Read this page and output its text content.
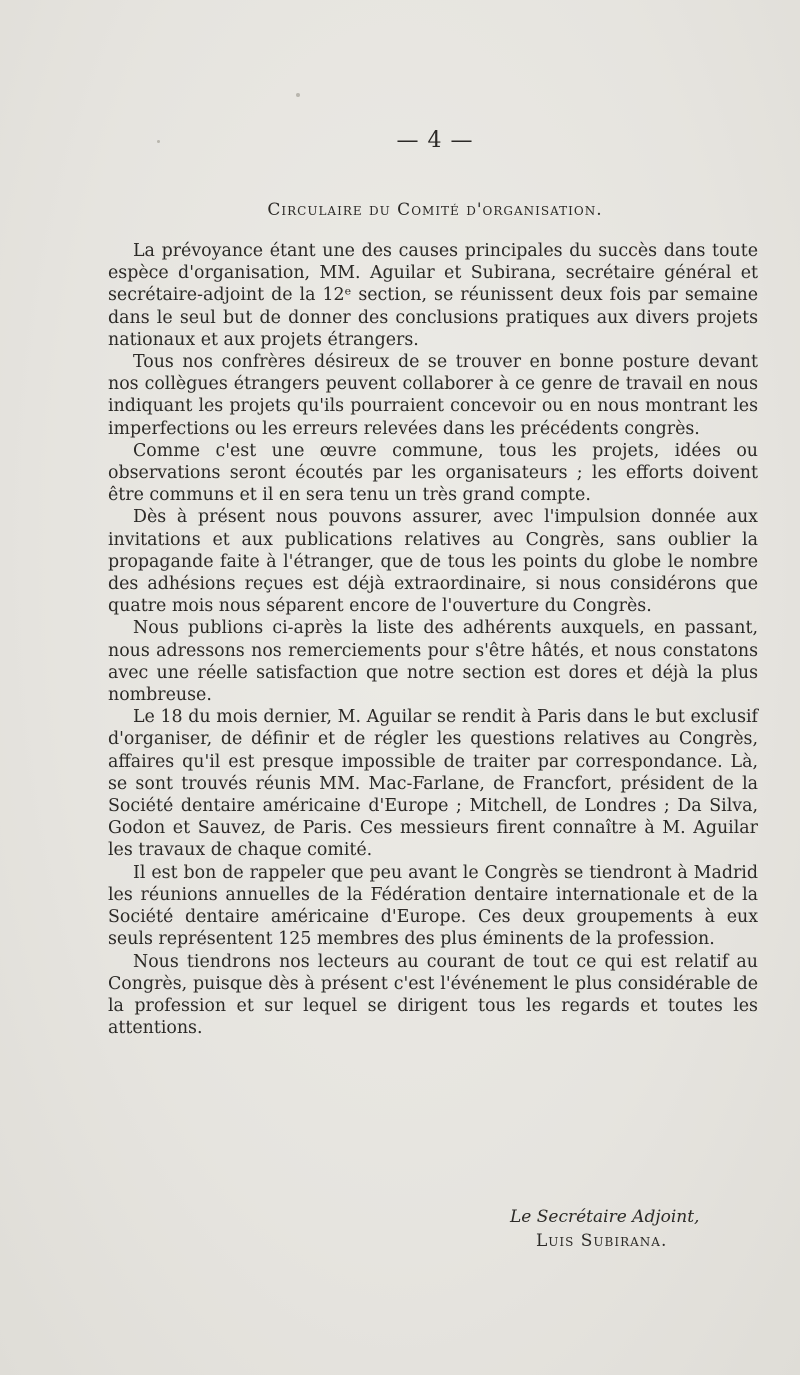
— 4 —
Circulaire du Comité d'organisation.

La prévoyance étant une des causes principales du succès dans toute espèce d'organisation, MM. Aguilar et Subirana, secrétaire général et secrétaire-adjoint de la 12ᵉ section, se réunissent deux fois par semaine dans le seul but de donner des conclusions pratiques aux divers projets nationaux et aux projets étrangers.

Tous nos confrères désireux de se trouver en bonne posture devant nos collègues étrangers peuvent collaborer à ce genre de travail en nous indiquant les projets qu'ils pourraient concevoir ou en nous montrant les imperfections ou les erreurs relevées dans les précédents congrès.

Comme c'est une œuvre commune, tous les projets, idées ou observations seront écoutés par les organisateurs ; les efforts doivent être communs et il en sera tenu un très grand compte.

Dès à présent nous pouvons assurer, avec l'impulsion donnée aux invitations et aux publications relatives au Congrès, sans oublier la propagande faite à l'étranger, que de tous les points du globe le nombre des adhésions reçues est déjà extraordinaire, si nous considérons que quatre mois nous séparent encore de l'ouverture du Congrès.

Nous publions ci-après la liste des adhérents auxquels, en passant, nous adressons nos remerciements pour s'être hâtés, et nous constatons avec une réelle satisfaction que notre section est dores et déjà la plus nombreuse.

Le 18 du mois dernier, M. Aguilar se rendit à Paris dans le but exclusif d'organiser, de définir et de régler les questions relatives au Congrès, affaires qu'il est presque impossible de traiter par correspondance. Là, se sont trouvés réunis MM. Mac-Farlane, de Francfort, président de la Société dentaire américaine d'Europe ; Mitchell, de Londres ; Da Silva, Godon et Sauvez, de Paris. Ces messieurs firent connaître à M. Aguilar les travaux de chaque comité.

Il est bon de rappeler que peu avant le Congrès se tiendront à Madrid les réunions annuelles de la Fédération dentaire internationale et de la Société dentaire américaine d'Europe. Ces deux groupements à eux seuls représentent 125 membres des plus éminents de la profession.

Nous tiendrons nos lecteurs au courant de tout ce qui est relatif au Congrès, puisque dès à présent c'est l'événement le plus considérable de la profession et sur lequel se dirigent tous les regards et toutes les attentions.

Le Secrétaire Adjoint,
Luis Subirana.
